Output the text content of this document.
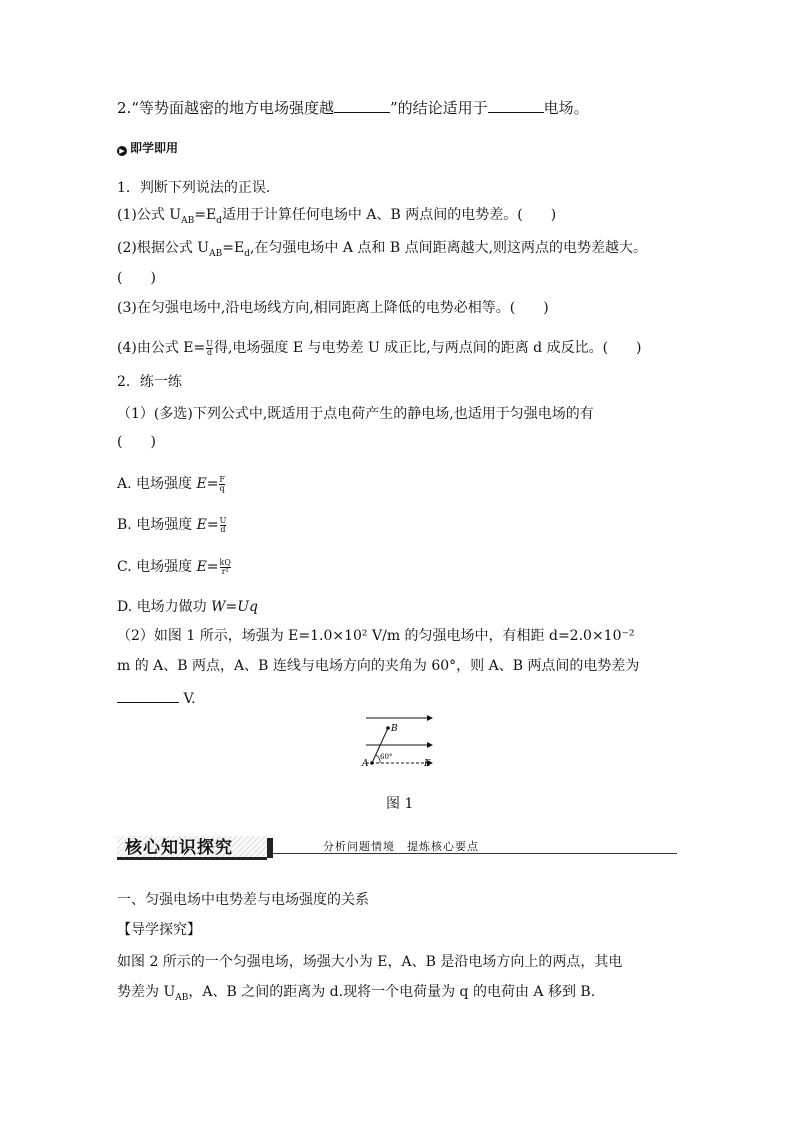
2.“等势面越密的地方电场强度越	”的结论适用于	电场。
▶ 即学即用
1．判断下列说法的正误.
(1)公式 $U_{AB}=E_d$适用于计算任何电场中 A、B 两点间的电势差。(　　)
(2)根据公式 $U_{AB}=E_d$,在匀强电场中 A 点和 B 点间距离越大,则这两点的电势差越大。
(　　)
(3)在匀强电场中,沿电场线方向,相同距离上降低的电势必相等。(　　)
(4)由公式 $E= \frac{U}{d}$ 得,电场强度 E 与电势差 U 成正比,与两点间的距离 d 成反比。(　　)
2．练一练
（1）(多选)下列公式中,既适用于点电荷产生的静电场,也适用于匀强电场的有
(　　)
A. 电场强度 $E= \frac{F}{q}$
B. 电场强度 $E= \frac{U}{d}$
C. 电场强度 $E= \frac{kQ}{\text{r²}}$
D. 电场力做功 W=Uq
（2）如图 1 所示，场强为 E=1.0×10² V/m 的匀强电场中，有相距 d=2.0×10⁻²
m 的 A、B 两点，A、B 连线与电场方向的夹角为 60°，则 A、B 两点间的电势差为
V.
B
A	E
60°
图 1
核心知识探究	分析问题情境　提炼核心要点
一、匀强电场中电势差与电场强度的关系
【导学探究】
如图 2 所示的一个匀强电场，场强大小为 E，A、B 是沿电场方向上的两点，其电
势差为 $U_{AB}$，A、B 之间的距离为 d.现将一个电荷量为 q 的电荷由 A 移到 B.
